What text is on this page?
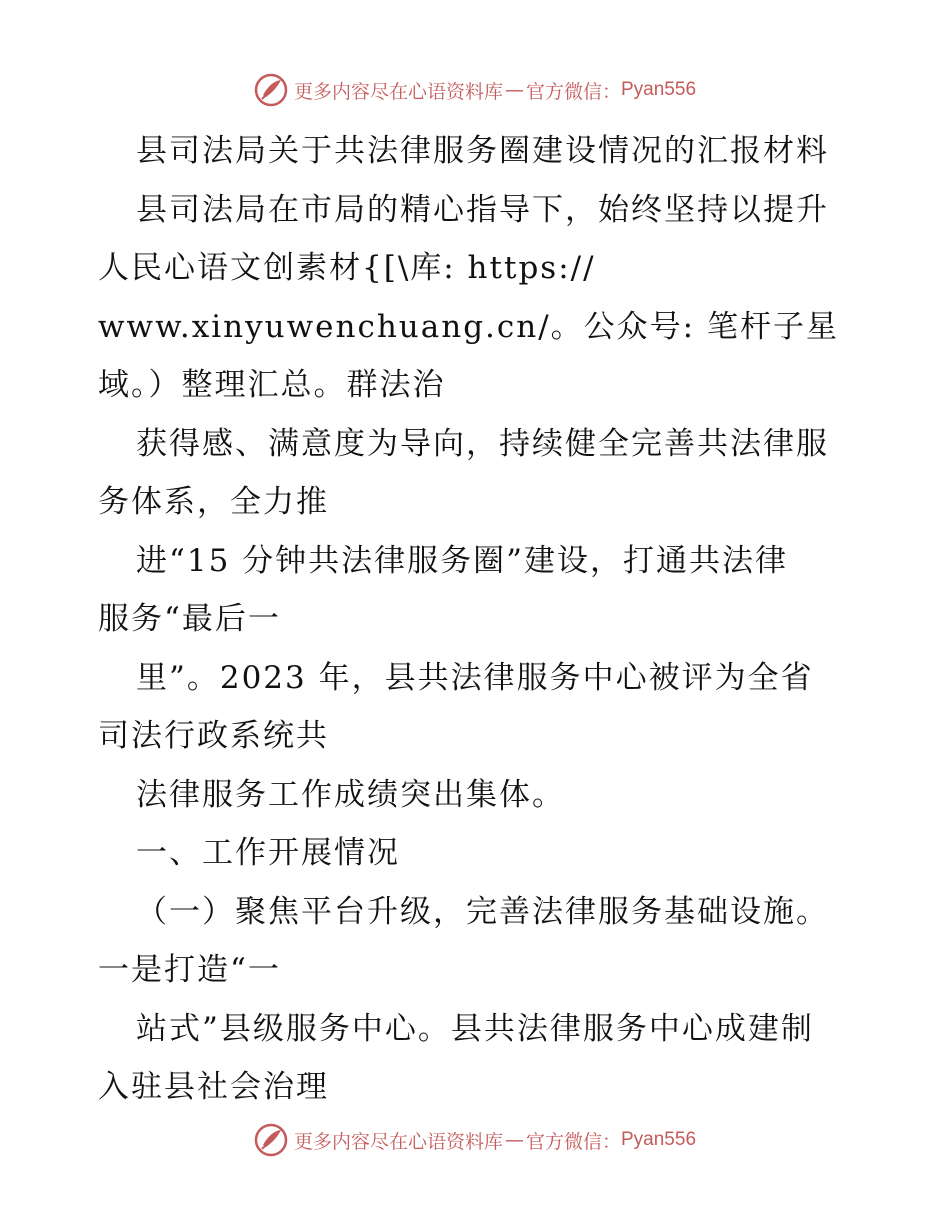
更多内容尽在心语资料库 — 官方微信： Pyan556
县司法局关于共法律服务圈建设情况的汇报材料
县司法局在市局的精心指导下，始终坚持以提升
人民心语文创素材{[\库: https://
www.xinyuwenchuang.cn/。公众号: 笔杆子星
域。）整理汇总。群法治
获得感、满意度为导向，持续健全完善共法律服
务体系，全力推
进“15 分钟共法律服务圈”建设，打通共法律
服务“最后一
里”。2023 年，县共法律服务中心被评为全省
司法行政系统共
法律服务工作成绩突出集体。
一、工作开展情况
（一）聚焦平台升级，完善法律服务基础设施。
一是打造“一
站式”县级服务中心。县共法律服务中心成建制
入驻县社会治理
更多内容尽在心语资料库 — 官方微信： Pyan556
